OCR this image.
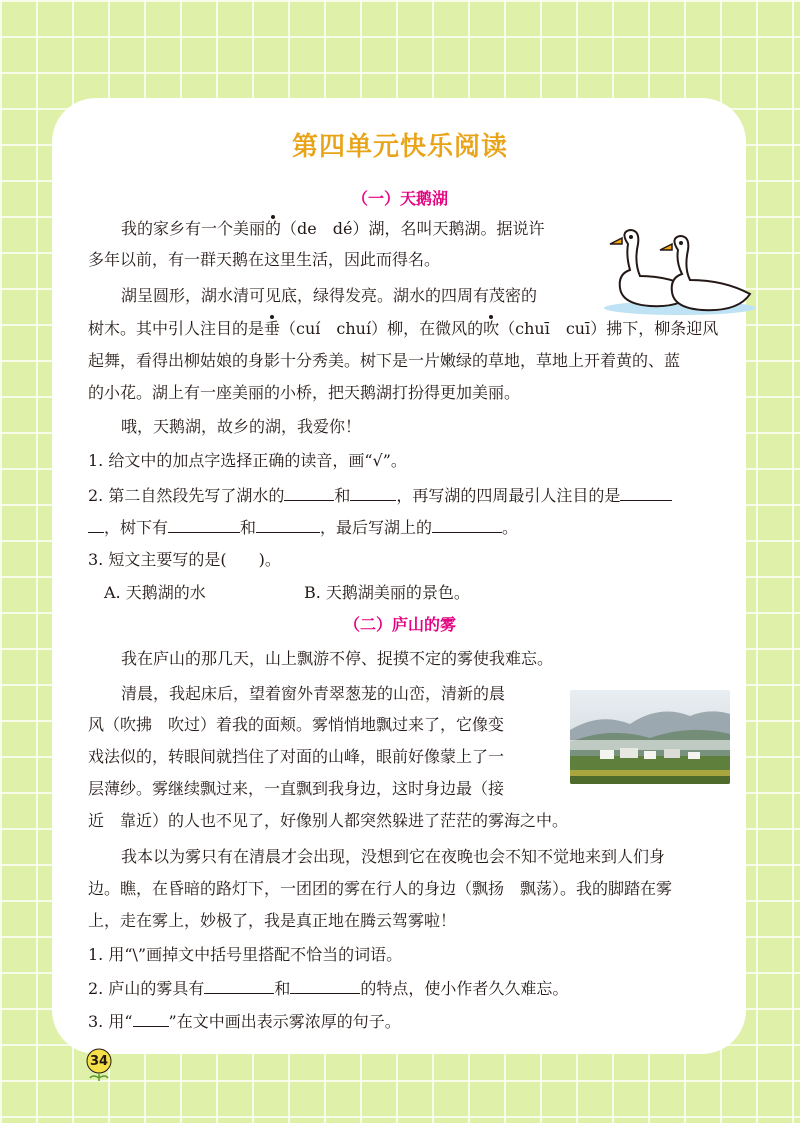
第四单元快乐阅读
（一）天鹅湖
我的家乡有一个美丽的（de　dé）湖，名叫天鹅湖。据说许
多年以前，有一群天鹅在这里生活，因此而得名。
湖呈圆形，湖水清可见底，绿得发亮。湖水的四周有茂密的
树木。其中引人注目的是垂（cuí　chuí）柳，在微风的吹（chuī　cuī）拂下，柳条迎风
起舞，看得出柳姑娘的身影十分秀美。树下是一片嫩绿的草地，草地上开着黄的、蓝
的小花。湖上有一座美丽的小桥，把天鹅湖打扮得更加美丽。
哦，天鹅湖，故乡的湖，我爱你！
1. 给文中的加点字选择正确的读音，画“√”。
2. 第二自然段先写了湖水的	和	，再写湖的四周最引人注目的是
，树下有	和	，最后写湖上的	。
3. 短文主要写的是(　　)。
A. 天鹅湖的水	B. 天鹅湖美丽的景色。
（二）庐山的雾
我在庐山的那几天，山上飘游不停、捉摸不定的雾使我难忘。
清晨，我起床后，望着窗外青翠葱茏的山峦，清新的晨
风（吹拂　吹过）着我的面颊。雾悄悄地飘过来了，它像变
戏法似的，转眼间就挡住了对面的山峰，眼前好像蒙上了一
层薄纱。雾继续飘过来，一直飘到我身边，这时身边最（接
近　靠近）的人也不见了，好像别人都突然躲进了茫茫的雾海之中。
我本以为雾只有在清晨才会出现，没想到它在夜晚也会不知不觉地来到人们身
边。瞧，在昏暗的路灯下，一团团的雾在行人的身边（飘扬　飘荡）。我的脚踏在雾
上，走在雾上，妙极了，我是真正地在腾云驾雾啦！
1. 用“\”画掉文中括号里搭配不恰当的词语。
2. 庐山的雾具有	和	的特点，使小作者久久难忘。
3. 用“ ”在文中画出表示雾浓厚的句子。
34
